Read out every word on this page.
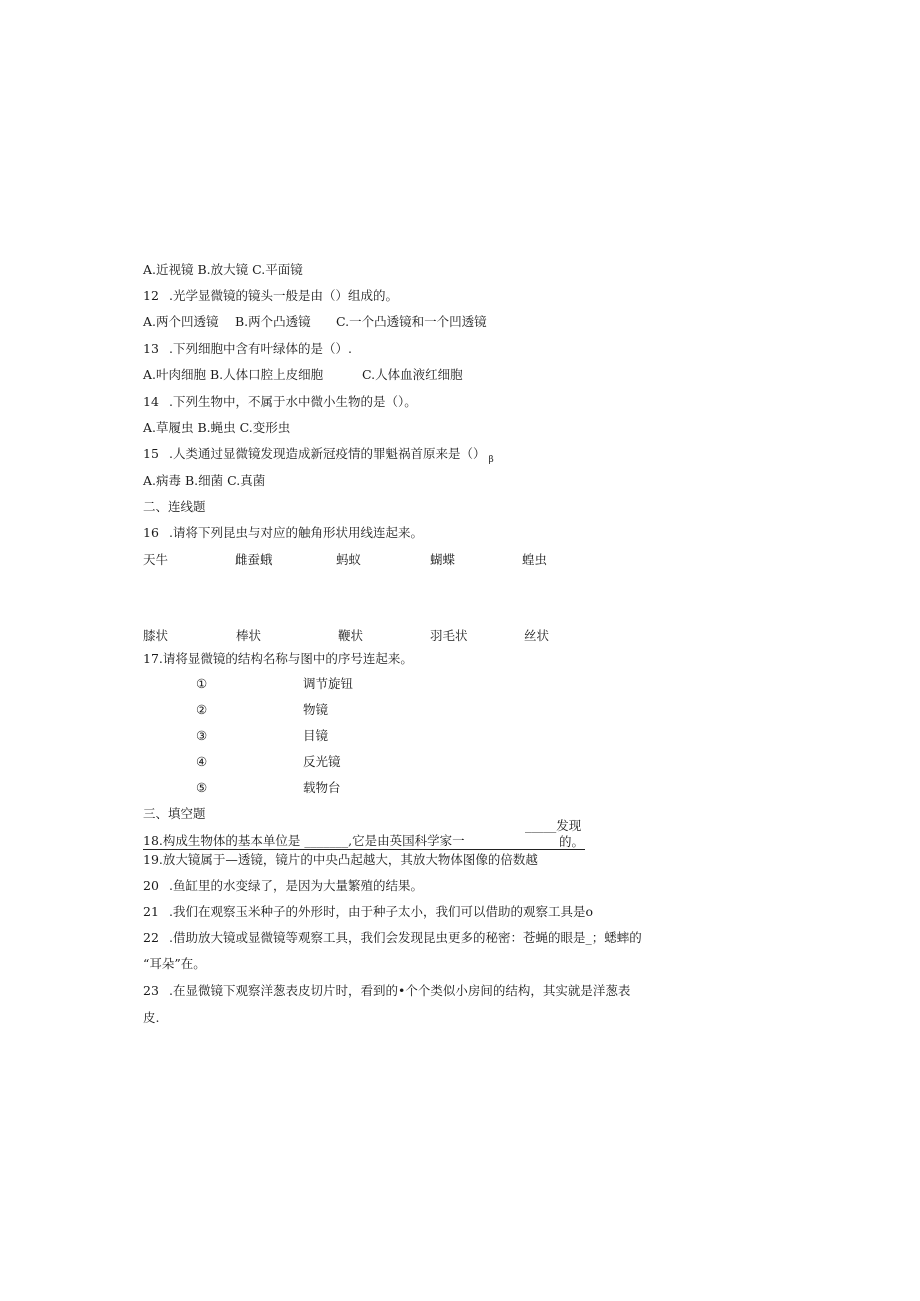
A.近视镜 B.放大镜 C.平面镜
12 .光学显微镜的镜头一般是由（）组成的。
A.两个凹透镜 B.两个凸透镜 C.一个凸透镜和一个凹透镜
13 .下列细胞中含有叶绿体的是（）.
A.叶肉细胞 B.人体口腔上皮细胞	C.人体血液红细胞
14 .下列生物中，不属于水中微小生物的是（）。
A.草履虫 B.蝇虫 C.变形虫
15 .人类通过显微镜发现造成新冠疫情的罪魁祸首原来是（） $_\beta$
A.病毒 B.细菌 C.真菌
二、连线题
16 .请将下列昆虫与对应的触角形状用线连起来。
天牛	雌蚕蛾	蚂蚁	蝴蝶	蝗虫
膝状	棒状	鞭状	羽毛状	丝状
17.请将显微镜的结构名称与图中的序号连起来。
①	调节旋钮
②	物镜
③	目镜
④	反光镜
⑤	载物台
三、填空题
18.构成生物体的基本单位是 _______,它是由英国科学家一
_____发现
的。
19.放大镜属于—透镜，镜片的中央凸起越大，其放大物体图像的倍数越
20 .鱼缸里的水变绿了，是因为大量繁殖的结果。
21 .我们在观察玉米种子的外形时，由于种子太小，我们可以借助的观察工具是o
22 .借助放大镜或显微镜等观察工具，我们会发现昆虫更多的秘密：苍蝇的眼是_；蟋蟀的
“耳朵”在。
23 .在显微镜下观察洋葱表皮切片时，看到的•个个类似小房间的结构，其实就是洋葱表
皮.
